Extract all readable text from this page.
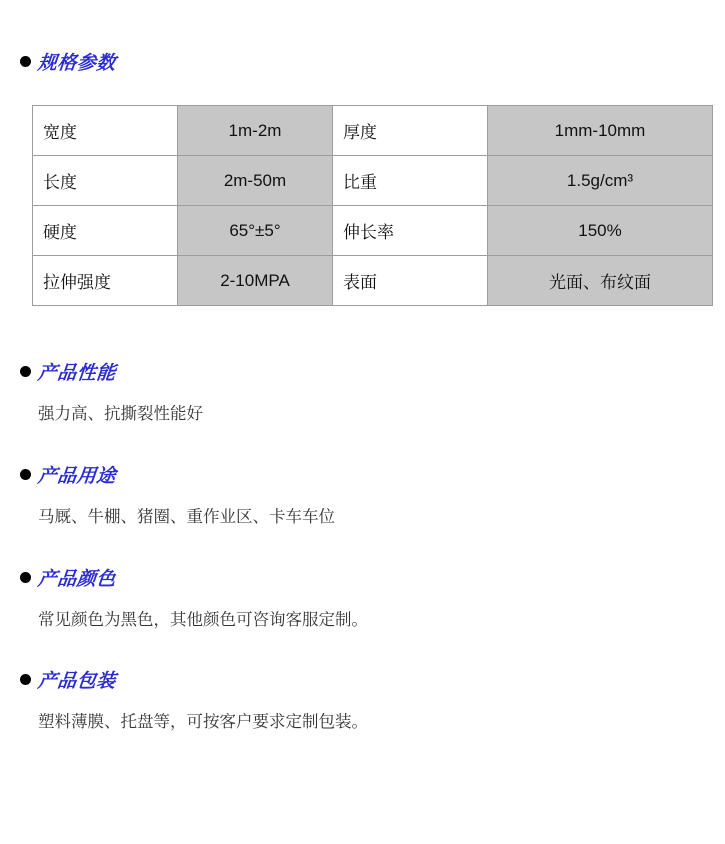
规格参数
宽度	1m-2m	厚度	1mm-10mm
长度	2m-50m	比重	1.5g/cm³
硬度	65°±5°	伸长率	150%
拉伸强度	2-10MPA	表面	光面、布纹面
产品性能

强力高、抗撕裂性能好

产品用途

马厩、牛棚、猪圈、重作业区、卡车车位

产品颜色

常见颜色为黑色，其他颜色可咨询客服定制。

产品包装

塑料薄膜、托盘等，可按客户要求定制包装。
